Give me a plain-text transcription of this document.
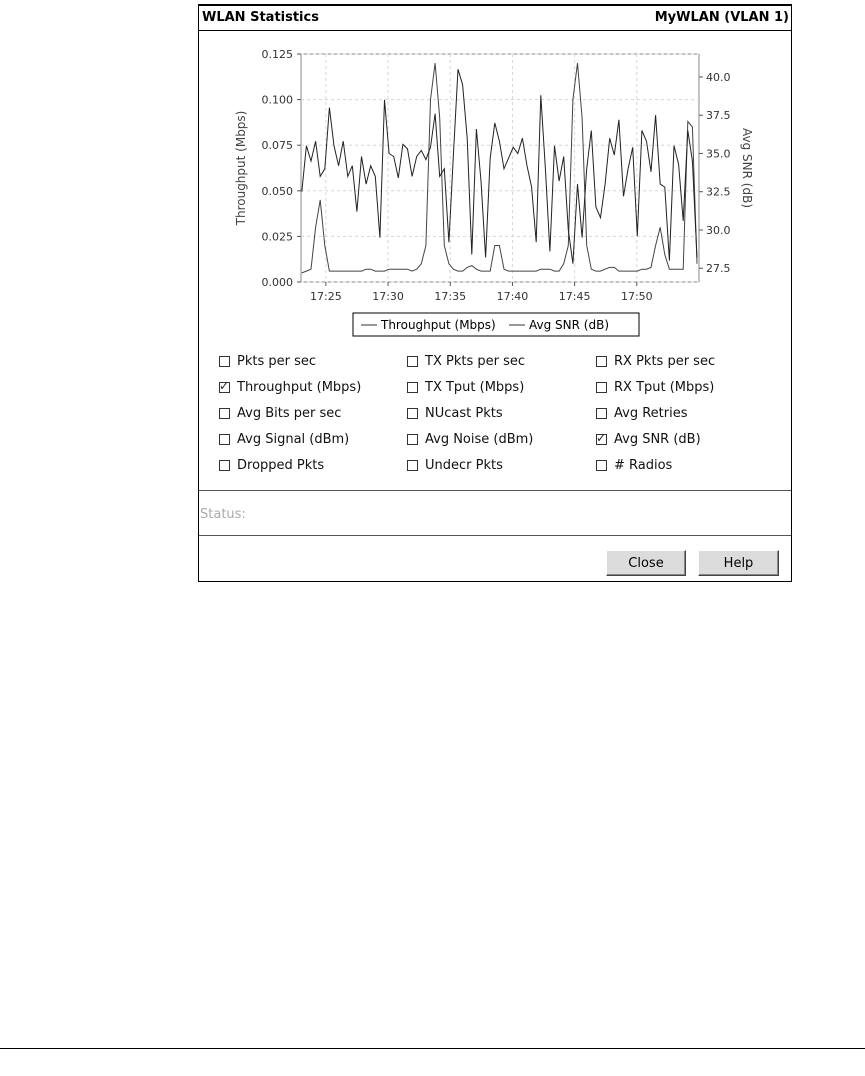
WLAN Statistics	MyWLAN (VLAN 1)
0.000
0.025
0.050
0.075
0.100
0.125
27.5
30.0
32.5
35.0
37.5
40.0
17:25	17:30	17:35	17:40	17:45	17:50
Throughput (Mbps)	Avg SNR (dB)
Throughput (Mbps)	Avg SNR (dB)
Pkts per sec	TX Pkts per sec	RX Pkts per sec
✓ Throughput (Mbps)	TX Tput (Mbps)	RX Tput (Mbps)
Avg Bits per sec	NUcast Pkts	Avg Retries
Avg Signal (dBm)	Avg Noise (dBm)	✓ Avg SNR (dB)
Dropped Pkts	Undecr Pkts	# Radios
Status:
Close	Help
